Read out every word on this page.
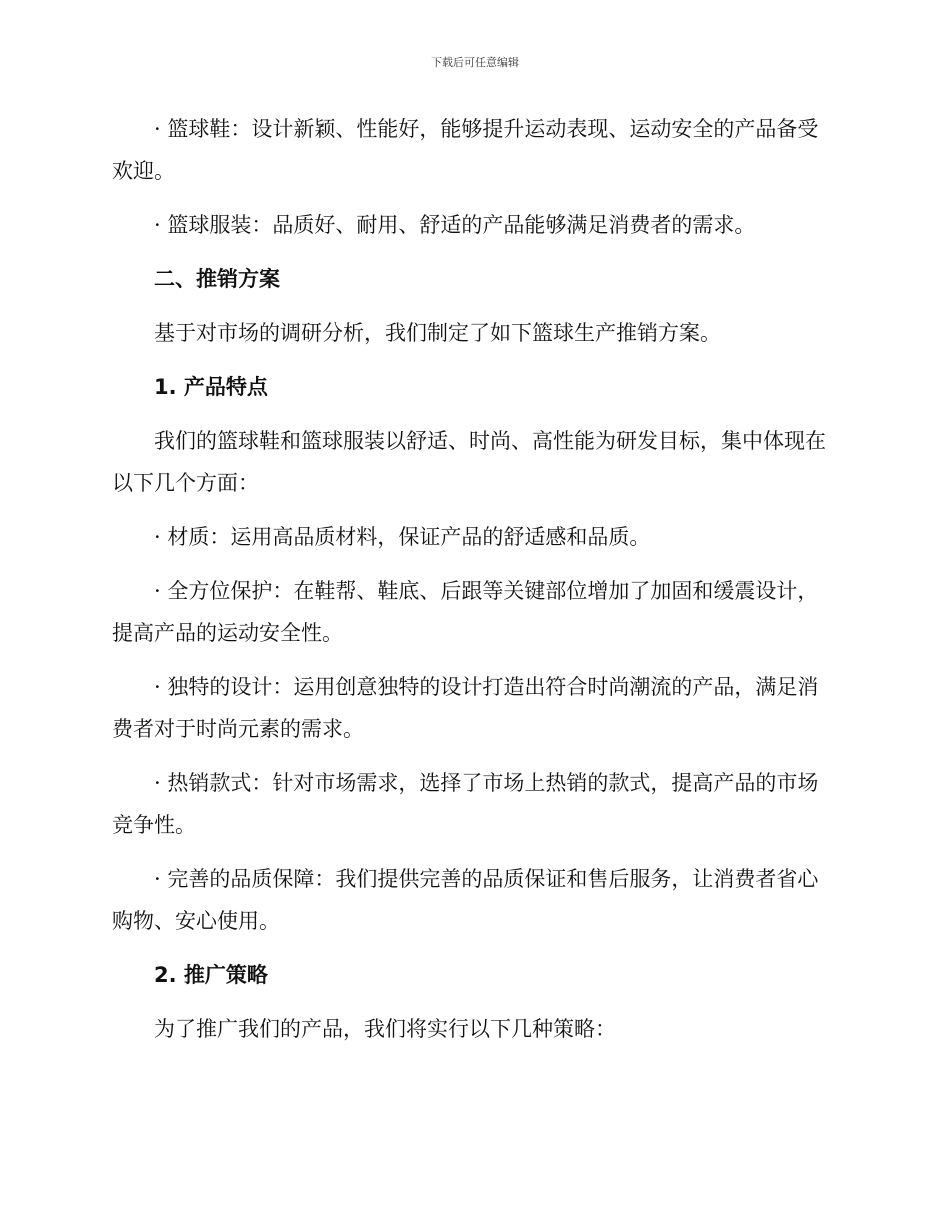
下载后可任意编辑

· 篮球鞋：设计新颖、性能好，能够提升运动表现、运动安全的产品备受欢迎。

· 篮球服装：品质好、耐用、舒适的产品能够满足消费者的需求。

二、推销方案

基于对市场的调研分析，我们制定了如下篮球生产推销方案。

1. 产品特点

我们的篮球鞋和篮球服装以舒适、时尚、高性能为研发目标，集中体现在以下几个方面：

· 材质：运用高品质材料，保证产品的舒适感和品质。

· 全方位保护：在鞋帮、鞋底、后跟等关键部位增加了加固和缓震设计，提高产品的运动安全性。

· 独特的设计：运用创意独特的设计打造出符合时尚潮流的产品，满足消费者对于时尚元素的需求。

· 热销款式：针对市场需求，选择了市场上热销的款式，提高产品的市场竞争性。

· 完善的品质保障：我们提供完善的品质保证和售后服务，让消费者省心购物、安心使用。

2. 推广策略

为了推广我们的产品，我们将实行以下几种策略：
